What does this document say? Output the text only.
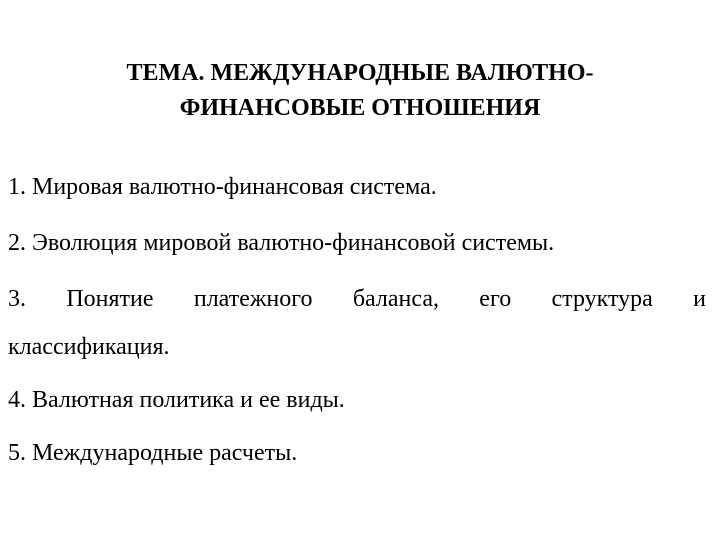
ТЕМА. МЕЖДУНАРОДНЫЕ ВАЛЮТНО-
ФИНАНСОВЫЕ ОТНОШЕНИЯ
1. Мировая валютно-финансовая система.
2. Эволюция мировой валютно-финансовой системы.
3. Понятие платежного баланса, его структура и
классификация.
4. Валютная политика и ее виды.
5. Международные расчеты.
